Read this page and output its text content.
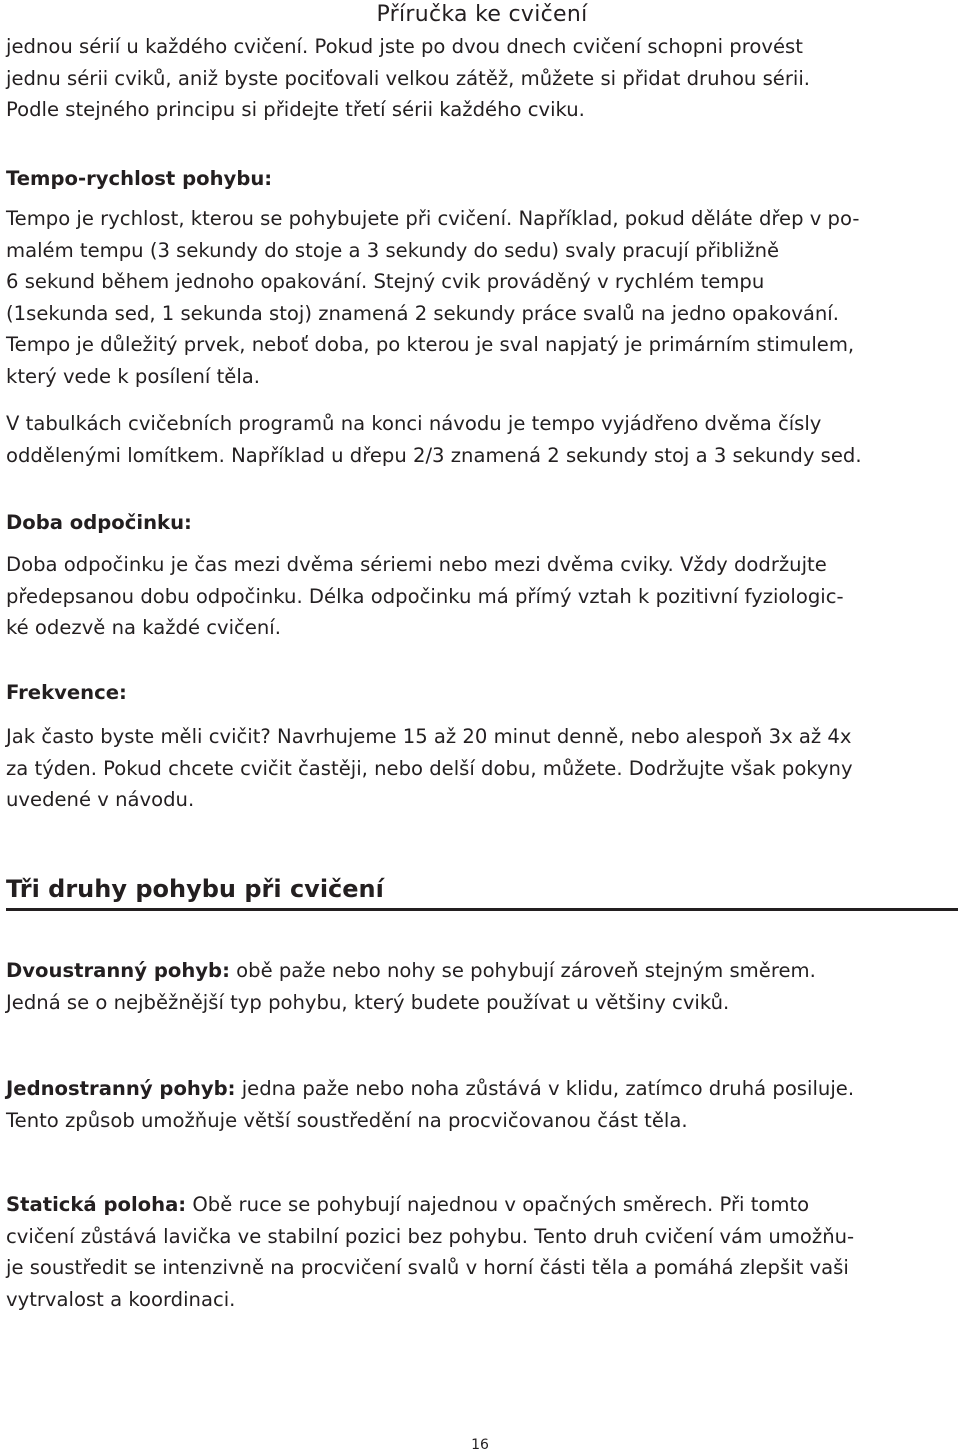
Příručka ke cvičení

jednou sérií u každého cvičení. Pokud jste po dvou dnech cvičení schopni provést

jednu sérii cviků, aniž byste pociťovali velkou zátěž, můžete si přidat druhou sérii.

Podle stejného principu si přidejte třetí sérii každého cviku.

Tempo-rychlost pohybu:

Tempo je rychlost, kterou se pohybujete při cvičení. Například, pokud děláte dřep v po-

malém tempu (3 sekundy do stoje a 3 sekundy do sedu) svaly pracují přibližně

6 sekund během jednoho opakování. Stejný cvik prováděný v rychlém tempu

(1sekunda sed, 1 sekunda stoj) znamená 2 sekundy práce svalů na jedno opakování.

Tempo je důležitý prvek, neboť doba, po kterou je sval napjatý je primárním stimulem,

který vede k posílení těla.

V tabulkách cvičebních programů na konci návodu je tempo vyjádřeno dvěma čísly

oddělenými lomítkem. Například u dřepu 2/3 znamená 2 sekundy stoj a 3 sekundy sed.

Doba odpočinku:

Doba odpočinku je čas mezi dvěma sériemi nebo mezi dvěma cviky. Vždy dodržujte

předepsanou dobu odpočinku. Délka odpočinku má přímý vztah k pozitivní fyziologic-

ké odezvě na každé cvičení.

Frekvence:

Jak často byste měli cvičit? Navrhujeme 15 až 20 minut denně, nebo alespoň 3x až 4x

za týden. Pokud chcete cvičit častěji, nebo delší dobu, můžete. Dodržujte však pokyny

uvedené v návodu.

Tři druhy pohybu při cvičení

Dvoustranný pohyb: obě paže nebo nohy se pohybují zároveň stejným směrem.

Jedná se o nejběžnější typ pohybu, který budete používat u většiny cviků.

Jednostranný pohyb: jedna paže nebo noha zůstává v klidu, zatímco druhá posiluje.

Tento způsob umožňuje větší soustředění na procvičovanou část těla.

Statická poloha: Obě ruce se pohybují najednou v opačných směrech. Při tomto

cvičení zůstává lavička ve stabilní pozici bez pohybu. Tento druh cvičení vám umožňu-

je soustředit se intenzivně na procvičení svalů v horní části těla a pomáhá zlepšit vaši

vytrvalost a koordinaci.

16
